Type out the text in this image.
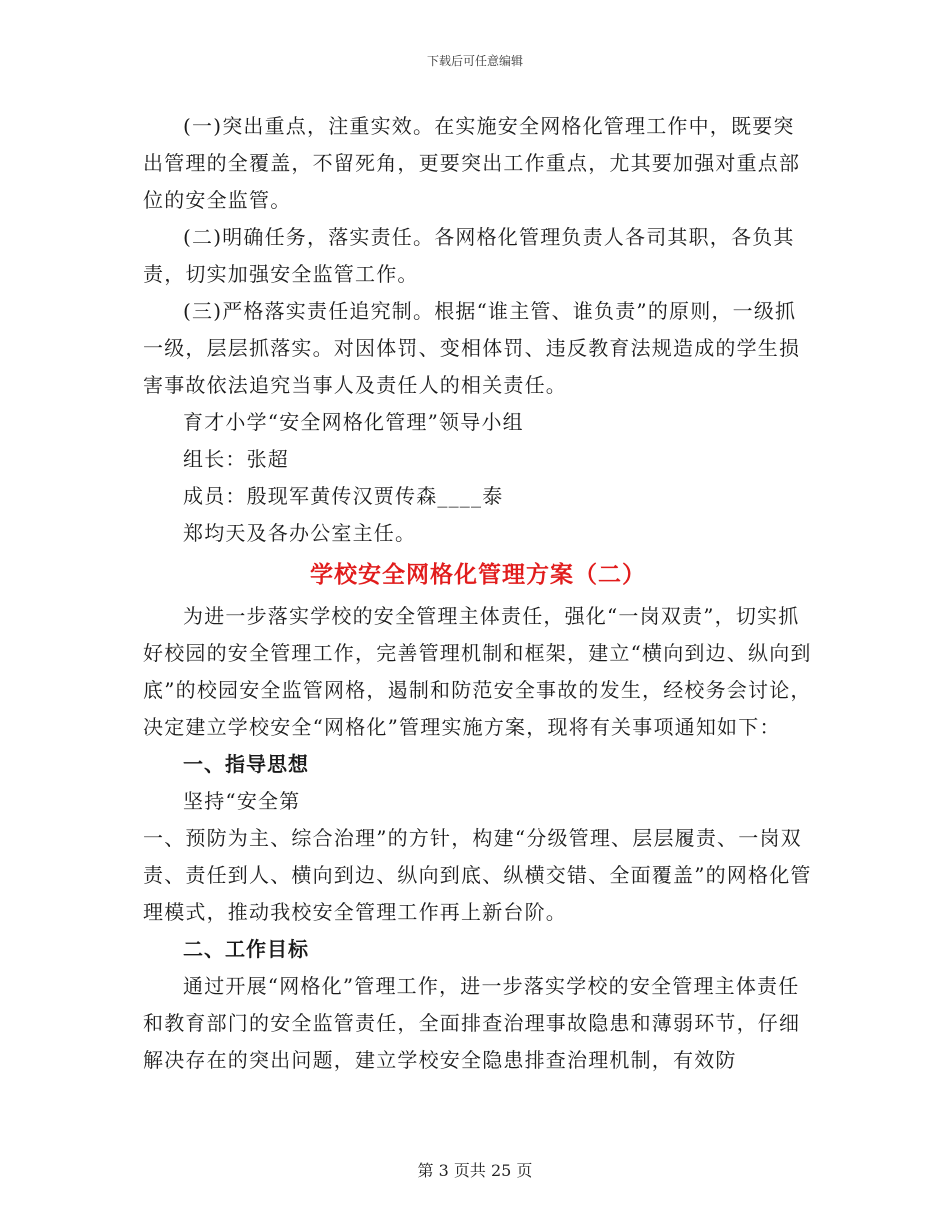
下载后可任意编辑

(一)突出重点，注重实效。在实施安全网格化管理工作中，既要突出管理的全覆盖，不留死角，更要突出工作重点，尤其要加强对重点部位的安全监管。

(二)明确任务，落实责任。各网格化管理负责人各司其职，各负其责，切实加强安全监管工作。

(三)严格落实责任追究制。根据“谁主管、谁负责”的原则，一级抓一级，层层抓落实。对因体罚、变相体罚、违反教育法规造成的学生损害事故依法追究当事人及责任人的相关责任。

育才小学“安全网格化管理”领导小组

组长：张超

成员：殷现军黄传汉贾传森____泰

郑均天及各办公室主任。

学校安全网格化管理方案（二）

为进一步落实学校的安全管理主体责任，强化“一岗双责”，切实抓好校园的安全管理工作，完善管理机制和框架，建立“横向到边、纵向到底”的校园安全监管网格，遏制和防范安全事故的发生，经校务会讨论，决定建立学校安全“网格化”管理实施方案，现将有关事项通知如下：

一、指导思想

坚持“安全第

一、预防为主、综合治理”的方针，构建“分级管理、层层履责、一岗双责、责任到人、横向到边、纵向到底、纵横交错、全面覆盖”的网格化管理模式，推动我校安全管理工作再上新台阶。

二、工作目标

通过开展“网格化”管理工作，进一步落实学校的安全管理主体责任和教育部门的安全监管责任，全面排查治理事故隐患和薄弱环节，仔细解决存在的突出问题，建立学校安全隐患排查治理机制，有效防

第 3 页共 25 页
